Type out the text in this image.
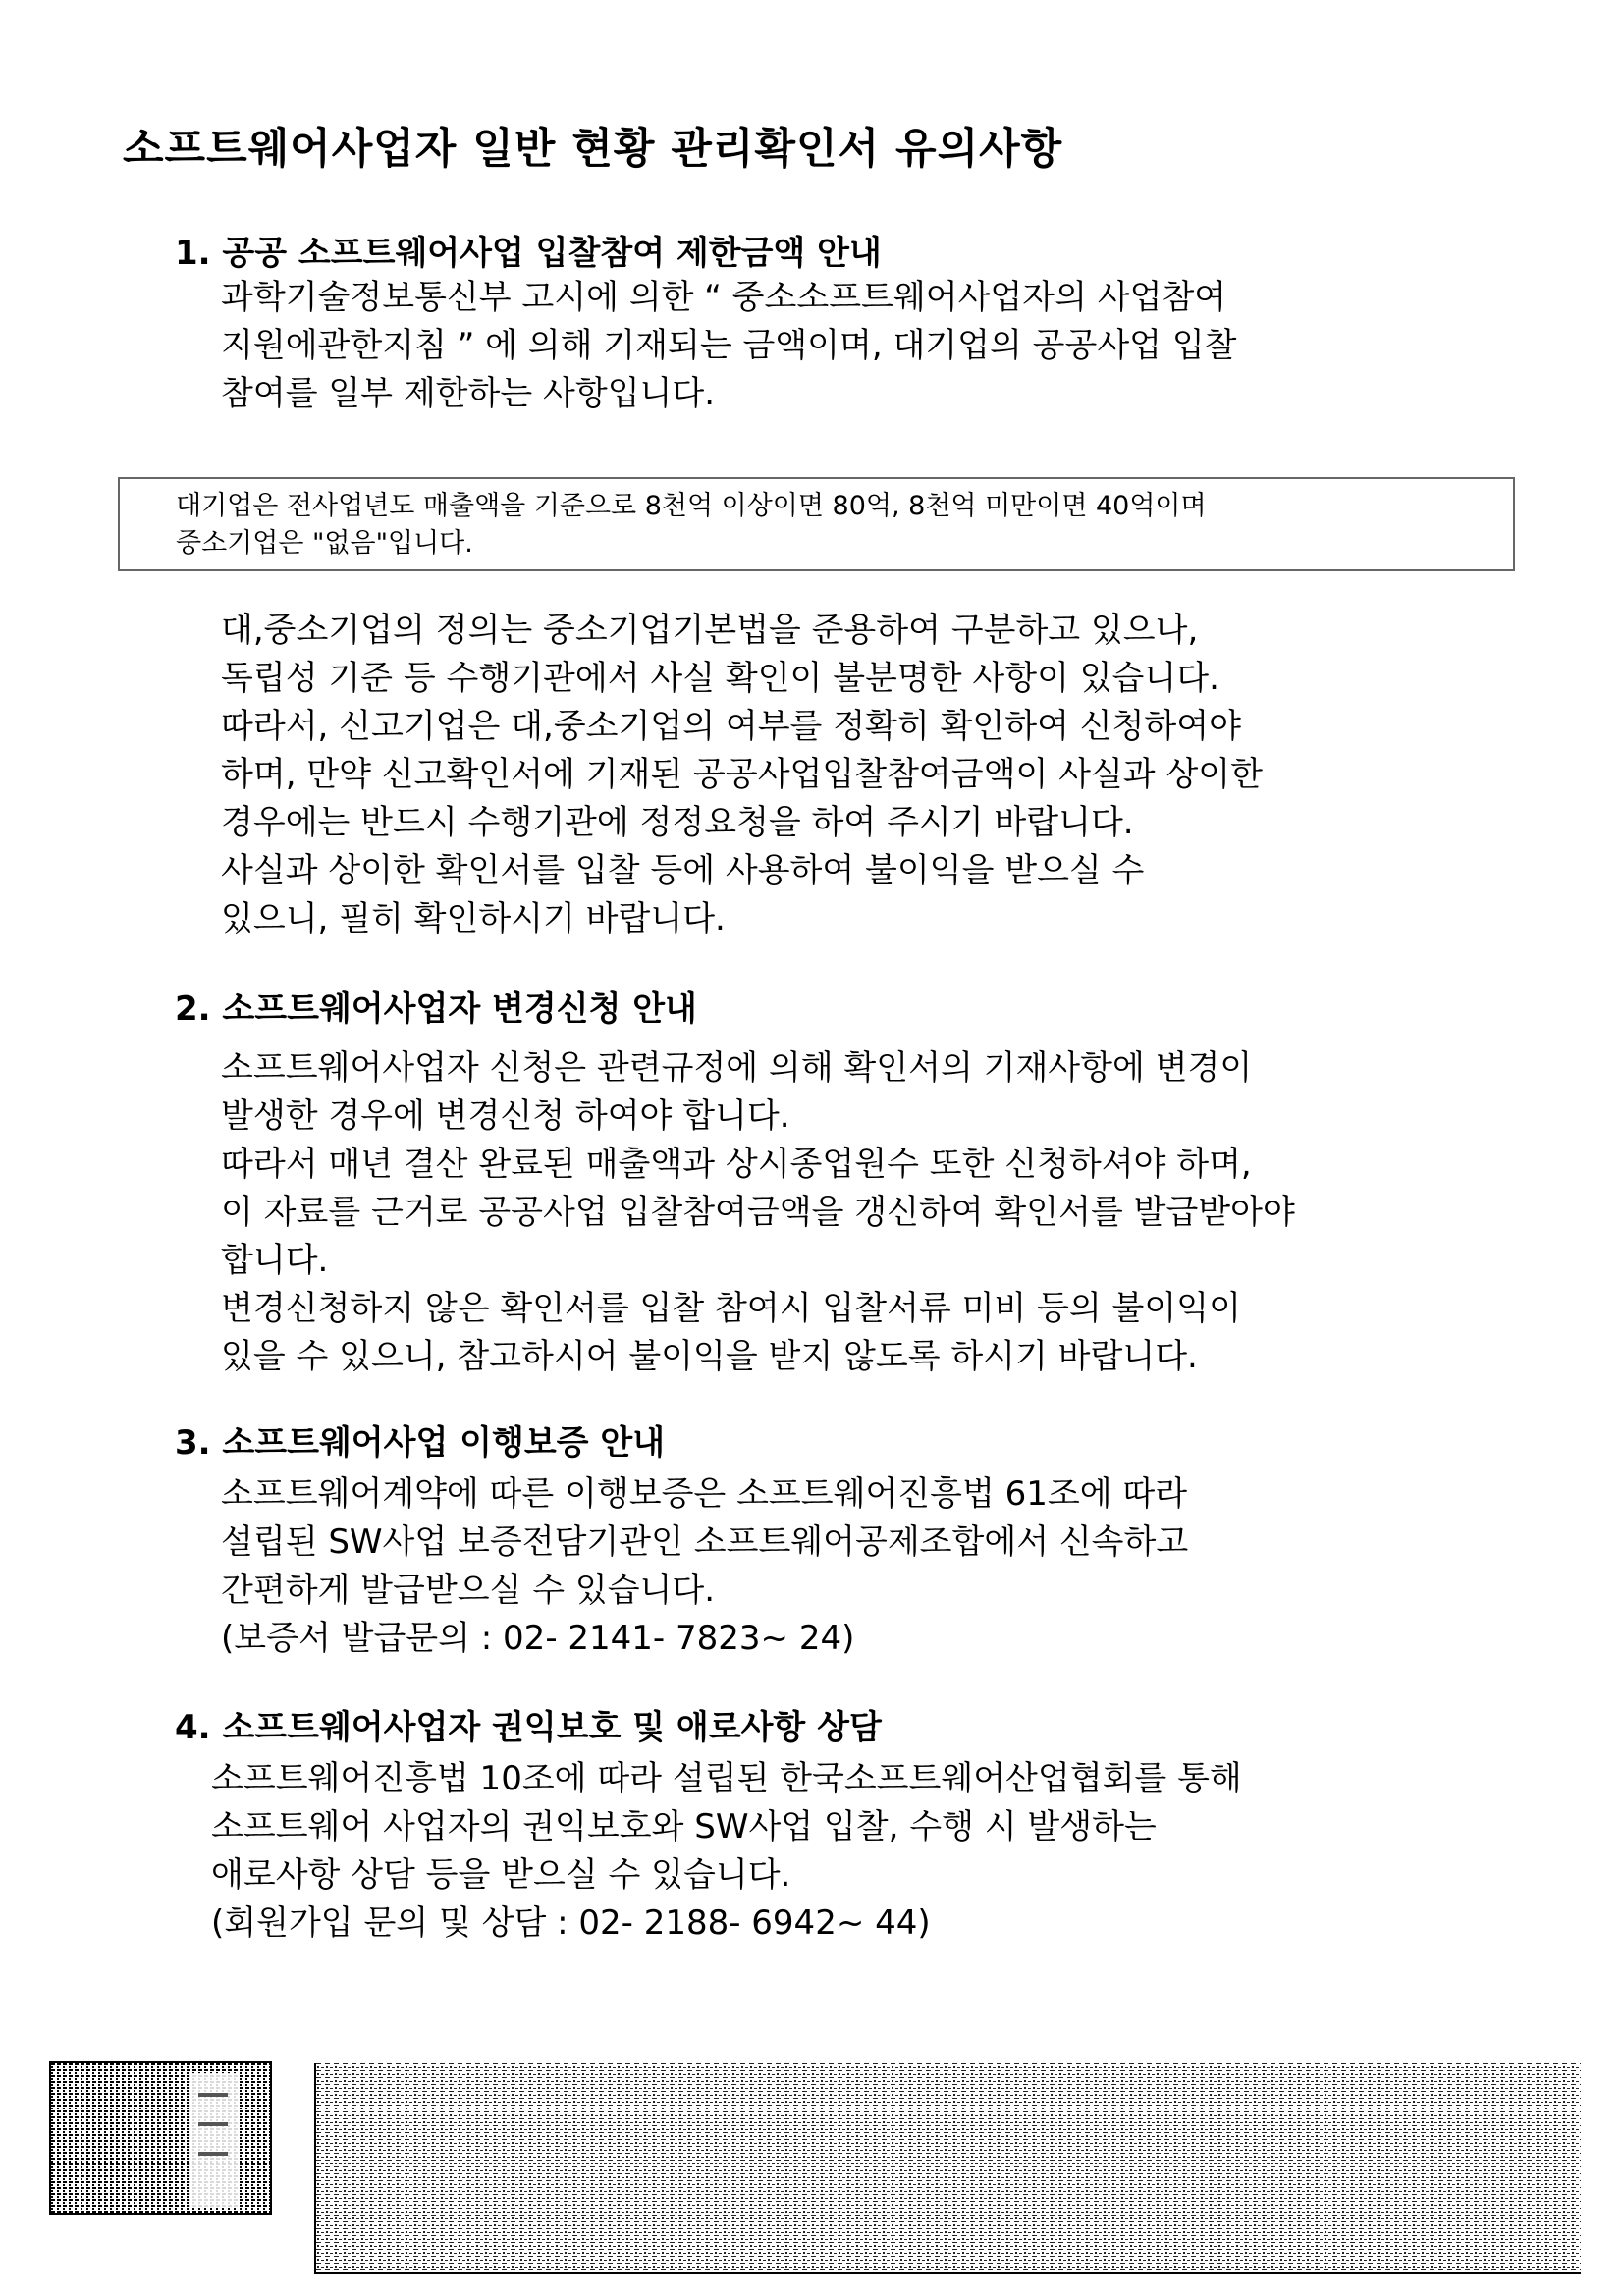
소프트웨어사업자 일반 현황 관리확인서 유의사항
1. 공공 소프트웨어사업 입찰참여 제한금액 안내
과학기술정보통신부 고시에 의한 “ 중소소프트웨어사업자의 사업참여
지원에관한지침 ” 에 의해 기재되는 금액이며, 대기업의 공공사업 입찰
참여를 일부 제한하는 사항입니다.
대기업은 전사업년도 매출액을 기준으로 8천억 이상이면 80억, 8천억 미만이면 40억이며
중소기업은 "없음"입니다.
대,중소기업의 정의는 중소기업기본법을 준용하여 구분하고 있으나,
독립성 기준 등 수행기관에서 사실 확인이 불분명한 사항이 있습니다.
따라서, 신고기업은 대,중소기업의 여부를 정확히 확인하여 신청하여야
하며, 만약 신고확인서에 기재된 공공사업입찰참여금액이 사실과 상이한
경우에는 반드시 수행기관에 정정요청을 하여 주시기 바랍니다.
사실과 상이한 확인서를 입찰 등에 사용하여 불이익을 받으실 수
있으니, 필히 확인하시기 바랍니다.
2. 소프트웨어사업자 변경신청 안내
소프트웨어사업자 신청은 관련규정에 의해 확인서의 기재사항에 변경이
발생한 경우에 변경신청 하여야 합니다.
따라서 매년 결산 완료된 매출액과 상시종업원수 또한 신청하셔야 하며,
이 자료를 근거로 공공사업 입찰참여금액을 갱신하여 확인서를 발급받아야
합니다.
변경신청하지 않은 확인서를 입찰 참여시 입찰서류 미비 등의 불이익이
있을 수 있으니, 참고하시어 불이익을 받지 않도록 하시기 바랍니다.
3. 소프트웨어사업 이행보증 안내
소프트웨어계약에 따른 이행보증은 소프트웨어진흥법 61조에 따라
설립된 SW사업 보증전담기관인 소프트웨어공제조합에서 신속하고
간편하게 발급받으실 수 있습니다.
(보증서 발급문의 : 02- 2141- 7823~ 24)
4. 소프트웨어사업자 권익보호 및 애로사항 상담
소프트웨어진흥법 10조에 따라 설립된 한국소프트웨어산업협회를 통해
소프트웨어 사업자의 권익보호와 SW사업 입찰, 수행 시 발생하는
애로사항 상담 등을 받으실 수 있습니다.
(회원가입 문의 및 상담 : 02- 2188- 6942~ 44)
